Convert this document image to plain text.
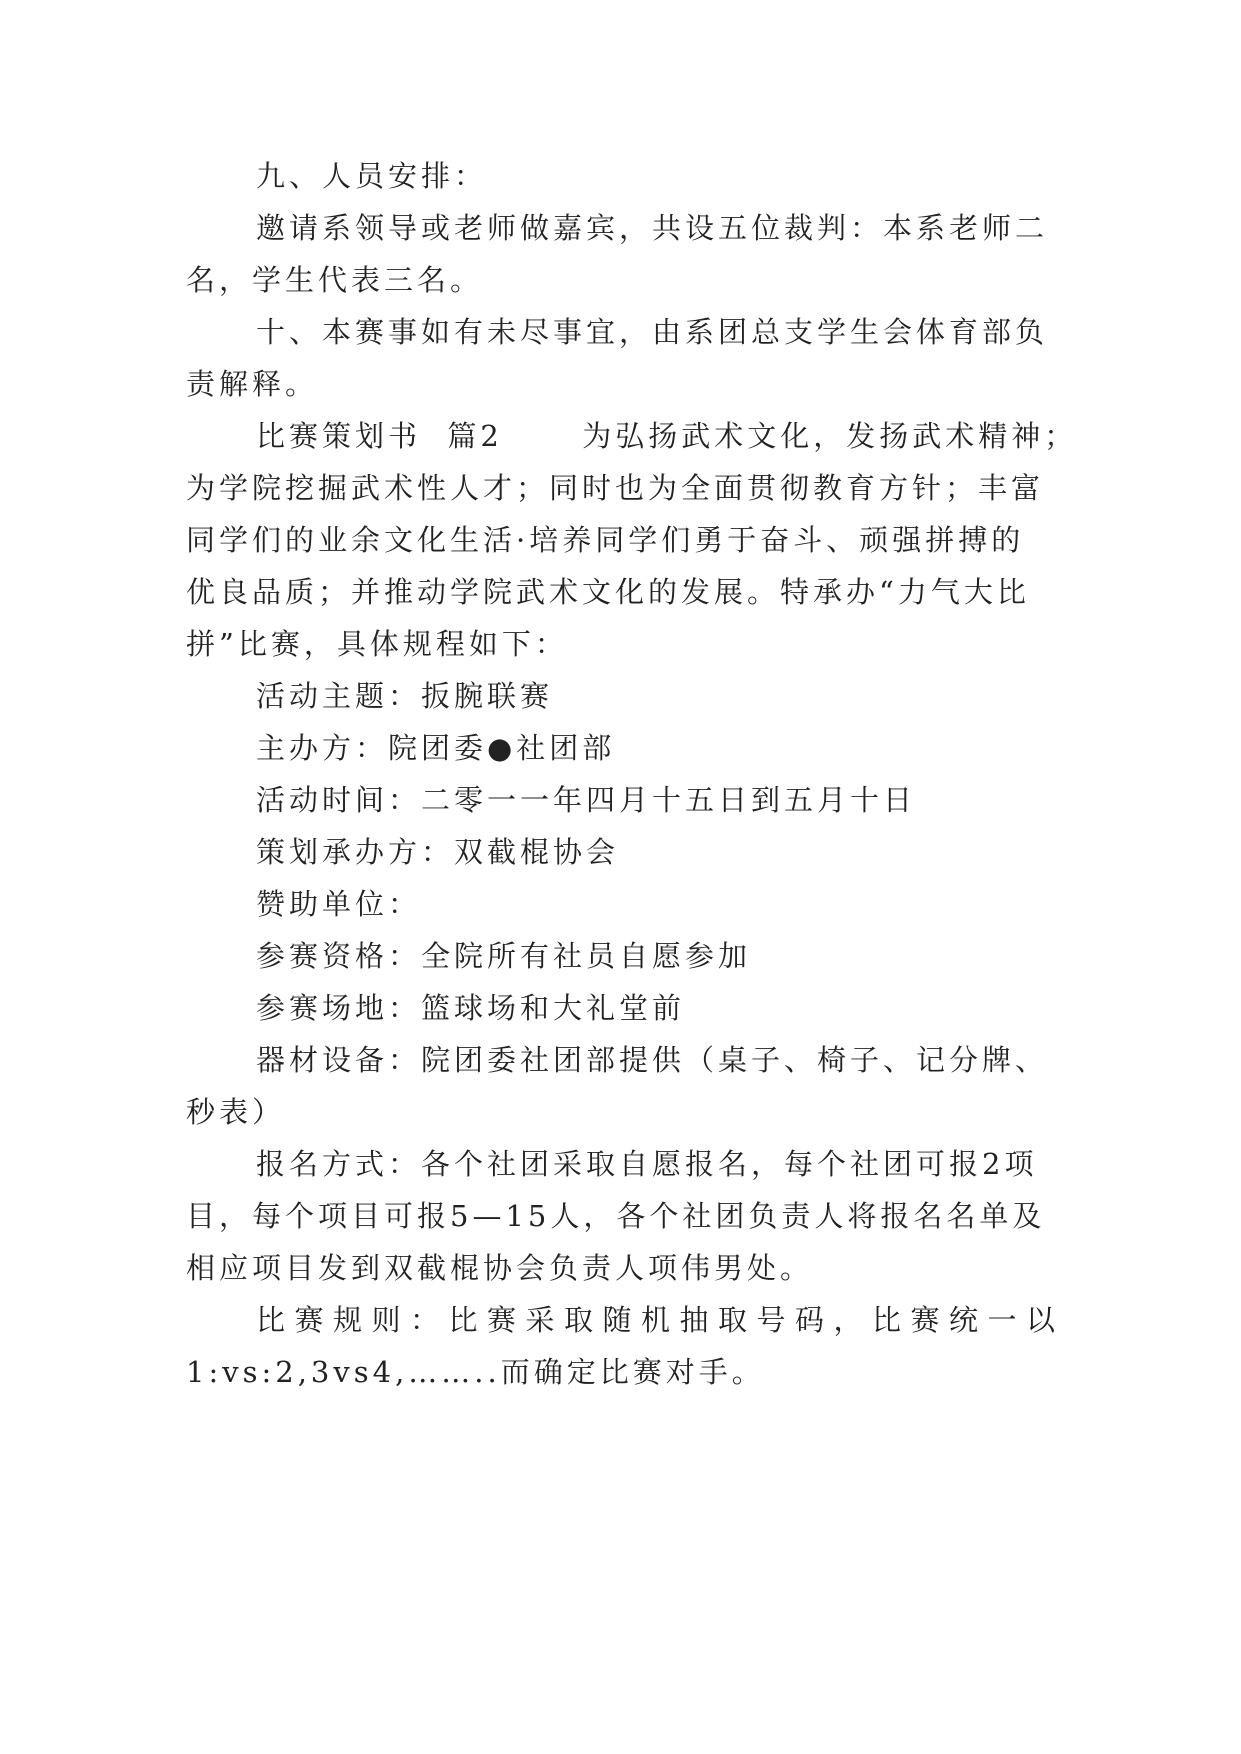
九、人员安排：
邀请系领导或老师做嘉宾，共设五位裁判：本系老师二
名，学生代表三名。
十、本赛事如有未尽事宜，由系团总支学生会体育部负
责解释。
比赛策划书  篇2      为弘扬武术文化，发扬武术精神；
为学院挖掘武术性人才；同时也为全面贯彻教育方针；丰富
同学们的业余文化生活·培养同学们勇于奋斗、顽强拼搏的
优良品质；并推动学院武术文化的发展。特承办“力气大比
拼”比赛，具体规程如下：
活动主题：扳腕联赛
主办方：院团委●社团部
活动时间：二零一一年四月十五日到五月十日
策划承办方：双截棍协会
赞助单位：
参赛资格：全院所有社员自愿参加
参赛场地：篮球场和大礼堂前
器材设备：院团委社团部提供（桌子、椅子、记分牌、
秒表）
报名方式：各个社团采取自愿报名，每个社团可报2项
目，每个项目可报5—15人，各个社团负责人将报名名单及
相应项目发到双截棍协会负责人项伟男处。
比赛规则：比赛采取随机抽取号码，比赛统一以
1:vs:2,3vs4,……..而确定比赛对手。
